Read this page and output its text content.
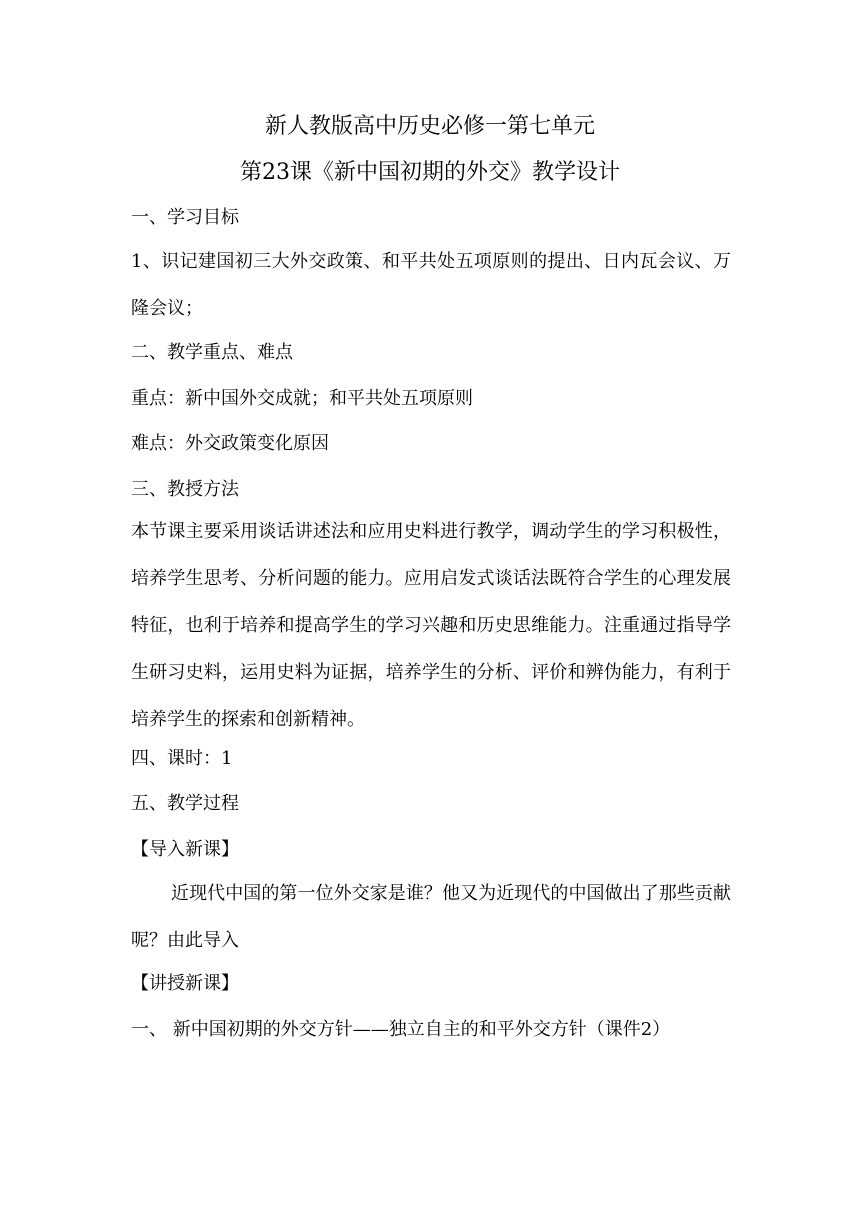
新人教版高中历史必修一第七单元
第23课《新中国初期的外交》教学设计
一、学习目标
1、识记建国初三大外交政策、和平共处五项原则的提出、日内瓦会议、万隆会议；
二、教学重点、难点
重点：新中国外交成就；和平共处五项原则
难点：外交政策变化原因
三、教授方法
本节课主要采用谈话讲述法和应用史料进行教学，调动学生的学习积极性，培养学生思考、分析问题的能力。应用启发式谈话法既符合学生的心理发展特征，也利于培养和提高学生的学习兴趣和历史思维能力。注重通过指导学生研习史料，运用史料为证据，培养学生的分析、评价和辨伪能力，有利于培养学生的探索和创新精神。
四、课时：1
五、教学过程
【导入新课】
近现代中国的第一位外交家是谁？他又为近现代的中国做出了那些贡献呢？由此导入
【讲授新课】
一、 新中国初期的外交方针——独立自主的和平外交方针（课件2）
